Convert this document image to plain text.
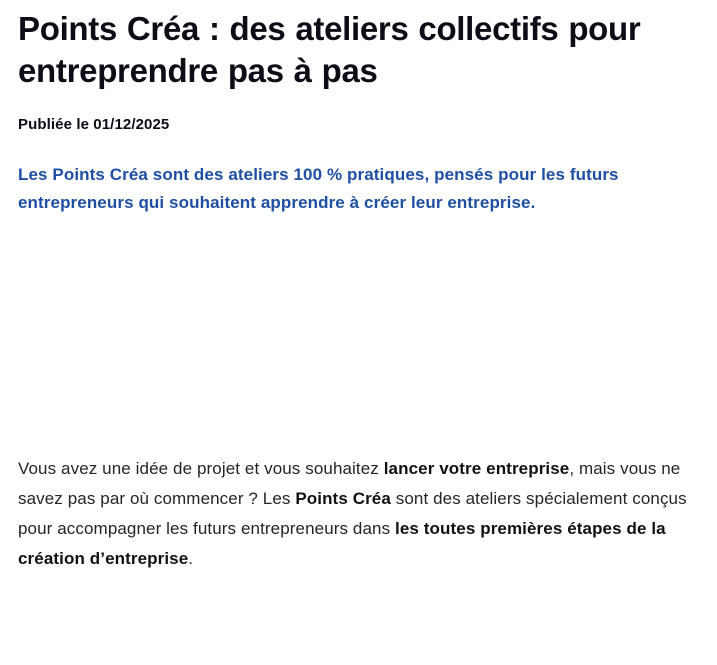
Points Créa : des ateliers collectifs pour entreprendre pas à pas
Publiée le 01/12/2025

Les Points Créa sont des ateliers 100 % pratiques, pensés pour les futurs entrepreneurs qui souhaitent apprendre à créer leur entreprise.

Vous avez une idée de projet et vous souhaitez lancer votre entreprise, mais vous ne savez pas par où commencer ? Les Points Créa sont des ateliers spécialement conçus pour accompagner les futurs entrepreneurs dans les toutes premières étapes de la création d’entreprise.
